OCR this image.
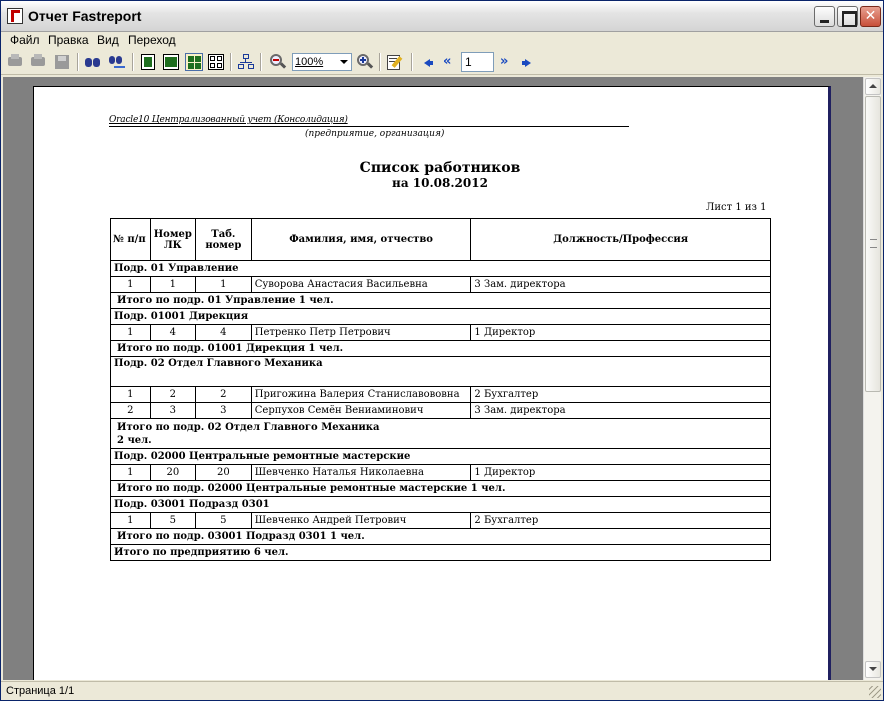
Отчет Fastreport	✕
Файл Правка Вид Переход
100%	« 1 »
Oracle10 Централизованный учет (Консолидация)
(предприятие, организация)
Список работников
на 10.08.2012
Лист 1 из 1
№ п/п	Номер ЛК	Таб. номер	Фамилия, имя, отчество	Должность/Профессия
Подр. 01 Управление				
1	1	1	Суворова Анастасия Васильевна	3 Зам. директора
Итого по подр. 01 Управление 1 чел.				
Подр. 01001 Дирекция				
1	4	4	Петренко Петр Петрович	1 Директор
Итого по подр. 01001 Дирекция 1 чел.				
Подр. 02 Отдел Главного Механика				
1	2	2	Пригожина Валерия Станиславововна	2 Бухгалтер
2	3	3	Серпухов Семён Вениаминович	3 Зам. директора
Итого по подр. 02 Отдел Главного Механика
2 чел.				
Подр. 02000 Центральные ремонтные мастерские				
1	20	20	Шевченко Наталья Николаевна	1 Директор
Итого по подр. 02000 Центральные ремонтные мастерские 1 чел.				
Подр. 03001 Подразд 0301				
1	5	5	Шевченко Андрей Петрович	2 Бухгалтер
Итого по подр. 03001 Подразд 0301 1 чел.				
Итого по предприятию 6 чел.				
Страница 1/1
